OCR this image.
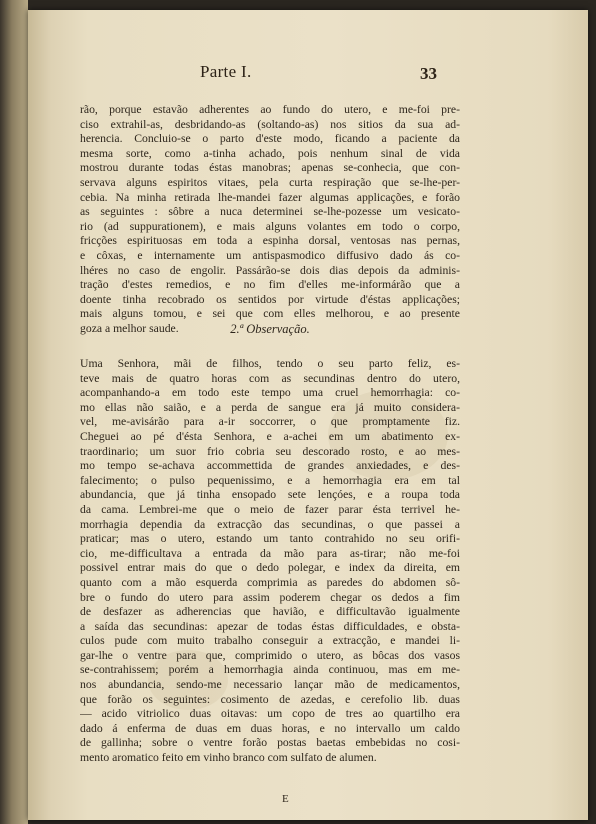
Parte I.	33
rão, porque estavão adherentes ao fundo do utero, e me-foi pre-
ciso extrahil-as, desbridando-as (soltando-as) nos sitios da sua ad-
herencia. Concluio-se o parto d'este modo, ficando a paciente da
mesma sorte, como a-tinha achado, pois nenhum sinal de vida
mostrou durante todas éstas manobras; apenas se-conhecia, que con-
servava alguns espiritos vitaes, pela curta respiração que se-lhe-per-
cebia. Na minha retirada lhe-mandei fazer algumas applicações, e forão
as seguintes : sôbre a nuca determinei se-lhe-pozesse um vesicato-
rio (ad suppurationem), e mais alguns volantes em todo o corpo,
fricções espirituosas em toda a espinha dorsal, ventosas nas pernas,
e côxas, e internamente um antispasmodico diffusivo dado ás co-
lhéres no caso de engolir. Passárão-se dois dias depois da adminis-
tração d'estes remedios, e no fim d'elles me-informárão que a
doente tinha recobrado os sentidos por virtude d'éstas applicações;
mais alguns tomou, e sei que com elles melhorou, e ao presente
goza a melhor saude.	2.ª Observação.
Uma Senhora, mãi de filhos, tendo o seu parto feliz, es-
teve mais de quatro horas com as secundinas dentro do utero,
acompanhando-a em todo este tempo uma cruel hemorrhagia: co-
mo ellas não saião, e a perda de sangue era já muito considera-
vel, me-avisárão para a-ir soccorrer, o que promptamente fiz.
Cheguei ao pé d'ésta Senhora, e a-achei em um abatimento ex-
traordinario; um suor frio cobria seu descorado rosto, e ao mes-
mo tempo se-achava accommettida de grandes anxiedades, e des-
falecimento; o pulso pequenissimo, e a hemorrhagia era em tal
abundancia, que já tinha ensopado sete lençóes, e a roupa toda
da cama. Lembrei-me que o meio de fazer parar ésta terrivel he-
morrhagia dependia da extracção das secundinas, o que passei a
praticar; mas o utero, estando um tanto contrahido no seu orifi-
cio, me-difficultava a entrada da mão para as-tirar; não me-foi
possivel entrar mais do que o dedo polegar, e index da direita, em
quanto com a mão esquerda comprimia as paredes do abdomen sô-
bre o fundo do utero para assim poderem chegar os dedos a fim
de desfazer as adherencias que havião, e difficultavão igualmente
a saída das secundinas: apezar de todas éstas difficuldades, e obsta-
culos pude com muito trabalho conseguir a extracção, e mandei li-
gar-lhe o ventre para que, comprimido o utero, as bôcas dos vasos
se-contrahissem; porém a hemorrhagia ainda continuou, mas em me-
nos abundancia, sendo-me necessario lançar mão de medicamentos,
que forão os seguintes: cosimento de azedas, e cerefolio lib. duas
— acido vitriolico duas oitavas: um copo de tres ao quartilho era
dado á enferma de duas em duas horas, e no intervallo um caldo
de gallinha; sobre o ventre forão postas baetas embebidas no cosi-
mento aromatico feito em vinho branco com sulfato de alumen.
E
